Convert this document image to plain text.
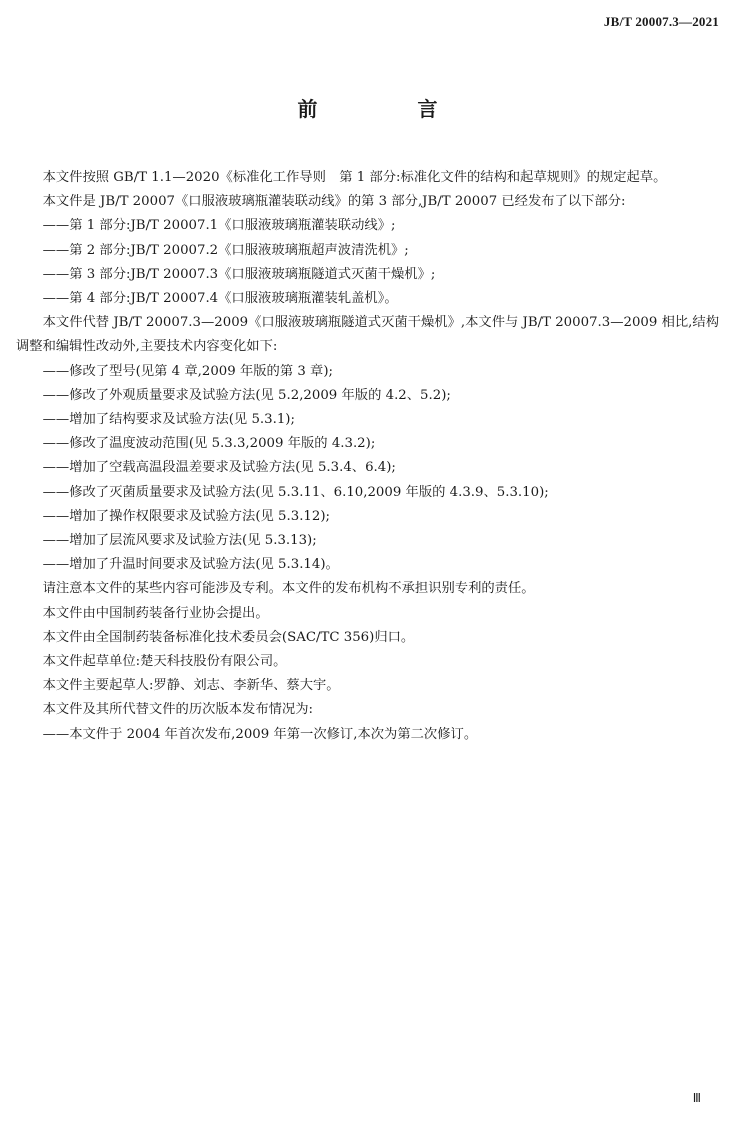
JB/T 20007.3—2021
前　言

本文件按照 GB/T 1.1—2020《标准化工作导则　第 1 部分:标准化文件的结构和起草规则》的规定起草。

本文件是 JB/T 20007《口服液玻璃瓶灌装联动线》的第 3 部分,JB/T 20007 已经发布了以下部分:

——第 1 部分:JB/T 20007.1《口服液玻璃瓶灌装联动线》;

——第 2 部分:JB/T 20007.2《口服液玻璃瓶超声波清洗机》;

——第 3 部分:JB/T 20007.3《口服液玻璃瓶隧道式灭菌干燥机》;

——第 4 部分:JB/T 20007.4《口服液玻璃瓶灌装轧盖机》。

本文件代替 JB/T 20007.3—2009《口服液玻璃瓶隧道式灭菌干燥机》,本文件与 JB/T 20007.3—2009 相比,结构调整和编辑性改动外,主要技术内容变化如下:

——修改了型号(见第 4 章,2009 年版的第 3 章);

——修改了外观质量要求及试验方法(见 5.2,2009 年版的 4.2、5.2);

——增加了结构要求及试验方法(见 5.3.1);

——修改了温度波动范围(见 5.3.3,2009 年版的 4.3.2);

——增加了空载高温段温差要求及试验方法(见 5.3.4、6.4);

——修改了灭菌质量要求及试验方法(见 5.3.11、6.10,2009 年版的 4.3.9、5.3.10);

——增加了操作权限要求及试验方法(见 5.3.12);

——增加了层流风要求及试验方法(见 5.3.13);

——增加了升温时间要求及试验方法(见 5.3.14)。

请注意本文件的某些内容可能涉及专利。本文件的发布机构不承担识别专利的责任。

本文件由中国制药装备行业协会提出。

本文件由全国制药装备标准化技术委员会(SAC/TC 356)归口。

本文件起草单位:楚天科技股份有限公司。

本文件主要起草人:罗静、刘志、李新华、蔡大宇。

本文件及其所代替文件的历次版本发布情况为:

——本文件于 2004 年首次发布,2009 年第一次修订,本次为第二次修订。

Ⅲ
